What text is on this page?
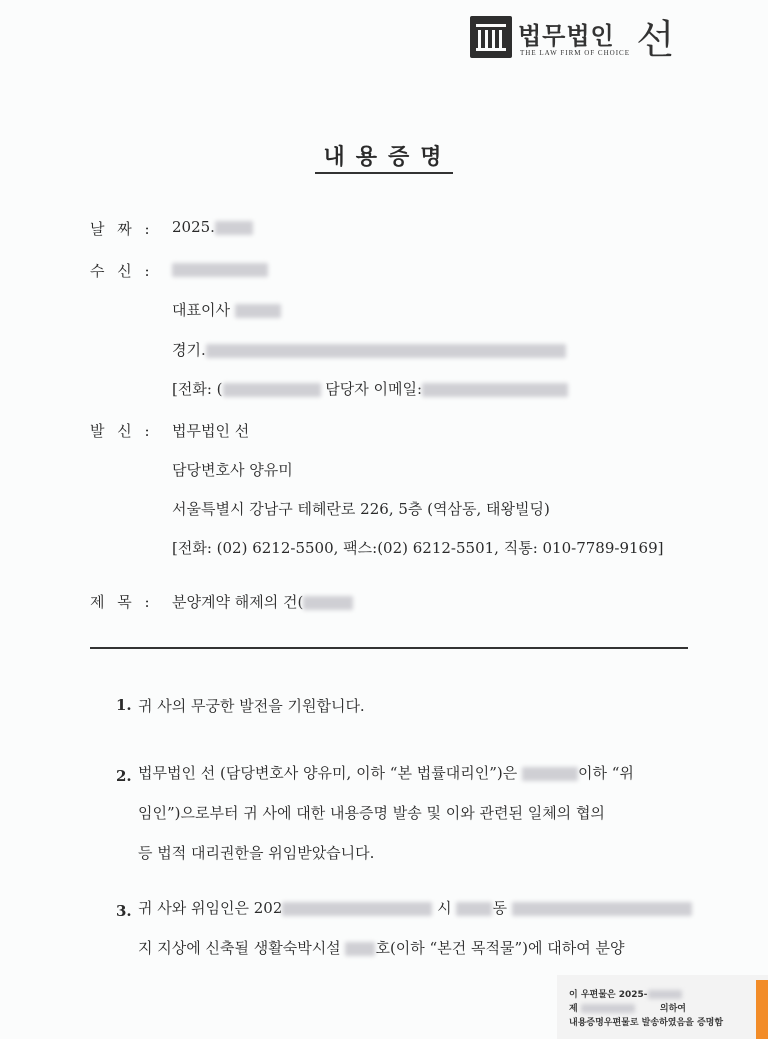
법무법인 선
THE LAW FIRM OF CHOICE
내용증명
날 짜 : 2025.
수 신 :
대표이사
경기.
[전화: (	담당자 이메일:
발 신 : 법무법인 선
담당변호사 양유미
서울특별시 강남구 테헤란로 226, 5층 (역삼동, 태왕빌딩)
[전화: (02) 6212-5500, 팩스:(02) 6212-5501, 직통: 010-7789-9169]
제 목 : 분양계약 해제의 건(
1. 귀 사의 무궁한 발전을 기원합니다.
2. 법무법인 선 (담당변호사 양유미, 이하 “본 법률대리인”)은	이하 “위
임인”)으로부터 귀 사에 대한 내용증명 발송 및 이와 관련된 일체의 협의
등 법적 대리권한을 위임받았습니다.
3. 귀 사와 위임인은 202	시	동
지 지상에 신축될 생활숙박시설 호(이하 “본건 목적물”)에 대하여 분양
이 우편물은 2025-
제	의하여
내용증명우편물로 발송하였음을 증명함
